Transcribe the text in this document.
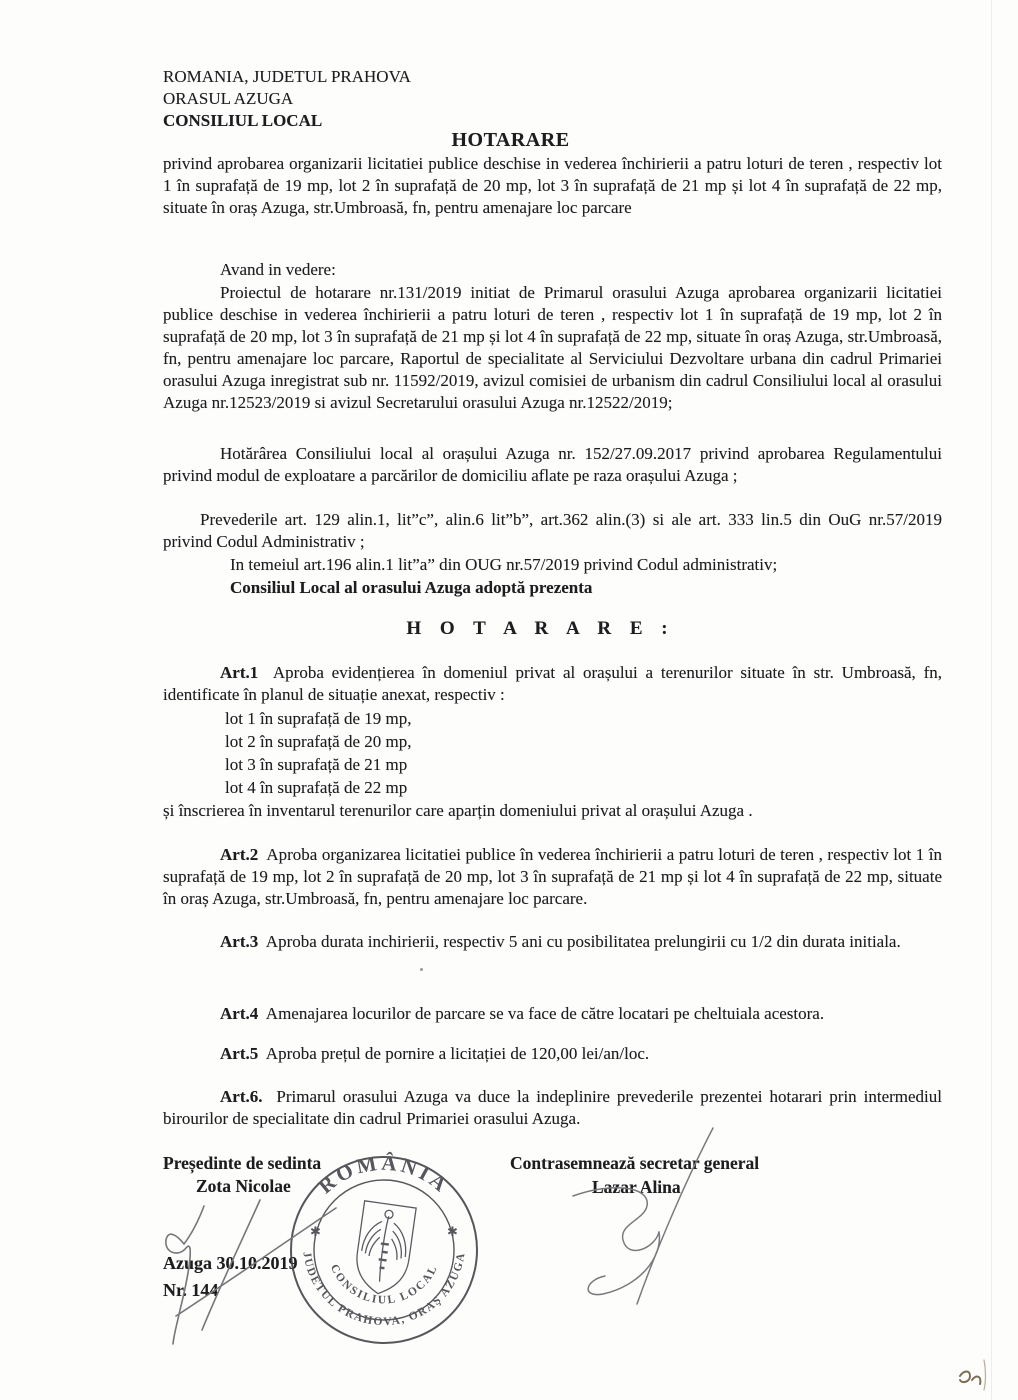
ROMANIA, JUDETUL PRAHOVA
ORASUL AZUGA
CONSILIUL LOCAL
HOTARARE
privind aprobarea organizarii licitatiei publice deschise in vederea închirierii a patru loturi de teren , respectiv lot 1 în suprafață de 19 mp, lot 2 în suprafață de 20 mp, lot 3 în suprafață de 21 mp și lot 4 în suprafață de 22 mp, situate în oraș Azuga, str.Umbroasă, fn, pentru amenajare loc parcare
Avand in vedere:
Proiectul de hotarare nr.131/2019 initiat de Primarul orasului Azuga aprobarea organizarii licitatiei publice deschise in vederea închirierii a patru loturi de teren , respectiv lot 1 în suprafață de 19 mp, lot 2 în suprafață de 20 mp, lot 3 în suprafață de 21 mp și lot 4 în suprafață de 22 mp, situate în oraș Azuga, str.Umbroasă, fn, pentru amenajare loc parcare, Raportul de specialitate al Serviciului Dezvoltare urbana din cadrul Primariei orasului Azuga inregistrat sub nr. 11592/2019, avizul comisiei de urbanism din cadrul Consiliului local al orasului Azuga nr.12523/2019 si avizul Secretarului orasului Azuga nr.12522/2019;
Hotărârea Consiliului local al orașului Azuga nr. 152/27.09.2017 privind aprobarea Regulamentului privind modul de exploatare a parcărilor de domiciliu aflate pe raza orașului Azuga ;
Prevederile art. 129 alin.1, lit”c”, alin.6 lit”b”, art.362 alin.(3) si ale art. 333 lin.5 din OuG nr.57/2019 privind Codul Administrativ ;
In temeiul art.196 alin.1 lit”a” din OUG nr.57/2019 privind Codul administrativ;
Consiliul Local al orasului Azuga adoptă prezenta
H O T A R A R E :
Art.1 Aproba evidențierea în domeniul privat al orașului a terenurilor situate în str. Umbroasă, fn, identificate în planul de situație anexat, respectiv :
lot 1 în suprafață de 19 mp,
lot 2 în suprafață de 20 mp,
lot 3 în suprafață de 21 mp
lot 4 în suprafață de 22 mp
și înscrierea în inventarul terenurilor care aparțin domeniului privat al orașului Azuga .
Art.2 Aproba organizarea licitatiei publice în vederea închirierii a patru loturi de teren , respectiv lot 1 în suprafață de 19 mp, lot 2 în suprafață de 20 mp, lot 3 în suprafață de 21 mp și lot 4 în suprafață de 22 mp, situate în oraș Azuga, str.Umbroasă, fn, pentru amenajare loc parcare.
Art.3 Aproba durata inchirierii, respectiv 5 ani cu posibilitatea prelungirii cu 1/2 din durata initiala.
Art.4 Amenajarea locurilor de parcare se va face de către locatari pe cheltuiala acestora.
Art.5 Aproba prețul de pornire a licitației de 120,00 lei/an/loc.
Art.6. Primarul orasului Azuga va duce la indeplinire prevederile prezentei hotarari prin intermediul birourilor de specialitate din cadrul Primariei orasului Azuga.
Președinte de sedinta
Zota Nicolae
Contrasemnează secretar general
Lazar Alina
Azuga 30.10.2019
Nr. 144
ROMÂNIA
✱	✱
JUDETUL PRAHOVA, ORAŞ AZUGA
CONSILIUL LOCAL
